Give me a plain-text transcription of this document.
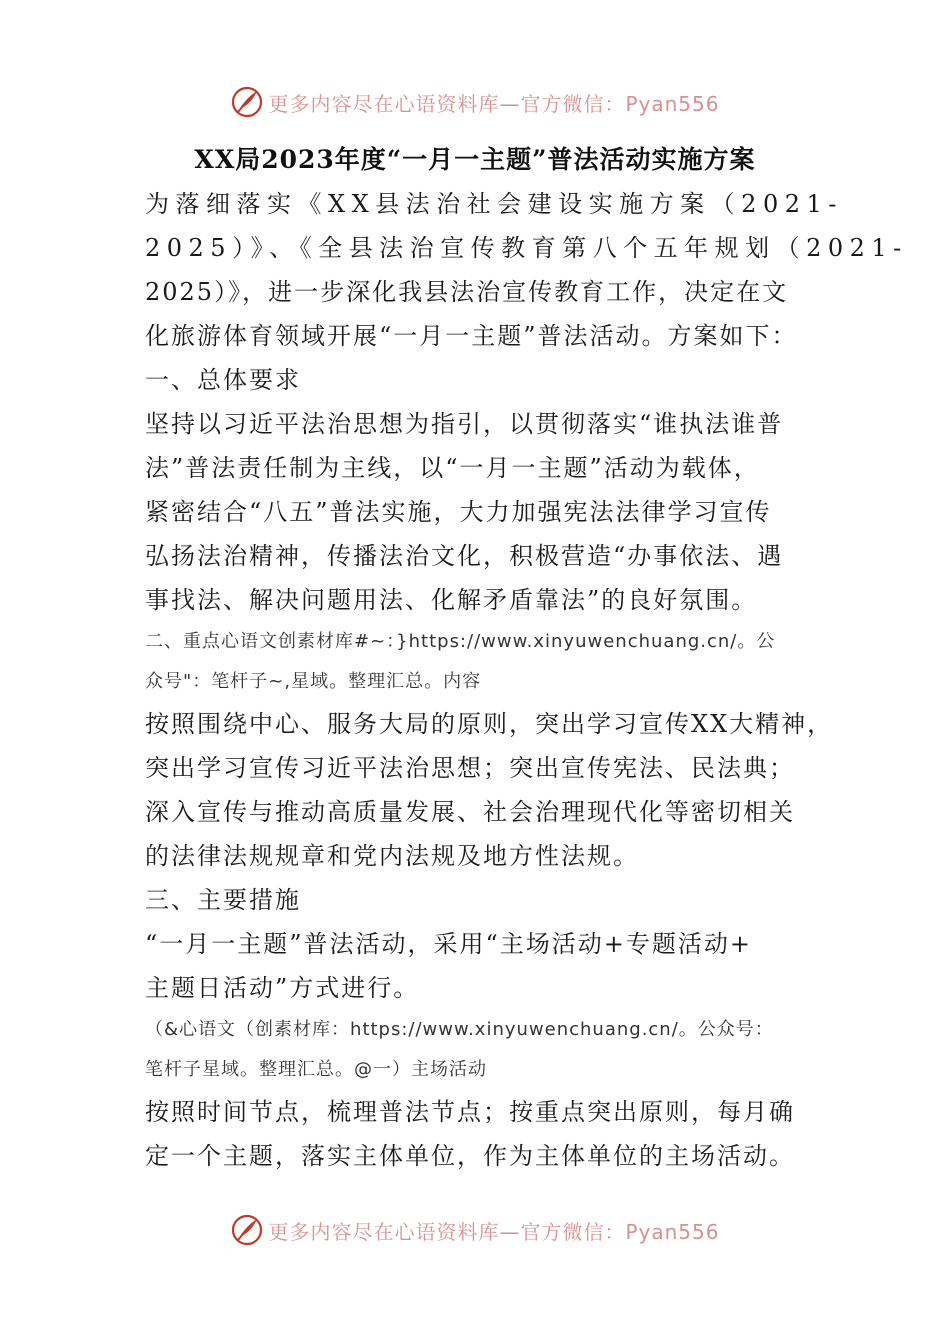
更多内容尽在心语资料库—官方微信：Pyan556
XX局2023年度“一月一主题”普法活动实施方案
为落细落实《XX县法治社会建设实施方案（2021-
2025）》、《全县法治宣传教育第八个五年规划（2021-
2025）》，进一步深化我县法治宣传教育工作，决定在文
化旅游体育领域开展“一月一主题”普法活动。方案如下：
一、总体要求
坚持以习近平法治思想为指引，以贯彻落实“谁执法谁普
法”普法责任制为主线，以“一月一主题”活动为载体，
紧密结合“八五”普法实施，大力加强宪法法律学习宣传
弘扬法治精神，传播法治文化，积极营造“办事依法、遇
事找法、解决问题用法、化解矛盾靠法”的良好氛围。
二、重点心语文创素材库#~：}https://www.xinyuwenchuang.cn/。公
众号"：笔杆子~,星域。整理汇总。内容
按照围绕中心、服务大局的原则，突出学习宣传XX大精神，
突出学习宣传习近平法治思想；突出宣传宪法、民法典；
深入宣传与推动高质量发展、社会治理现代化等密切相关
的法律法规规章和党内法规及地方性法规。
三、主要措施
“一月一主题”普法活动，采用“主场活动+专题活动+
主题日活动”方式进行。
（&心语文（创素材库：https://www.xinyuwenchuang.cn/。公众号：
笔杆子星域。整理汇总。@一）主场活动
按照时间节点，梳理普法节点；按重点突出原则，每月确
定一个主题，落实主体单位，作为主体单位的主场活动。
更多内容尽在心语资料库—官方微信：Pyan556
